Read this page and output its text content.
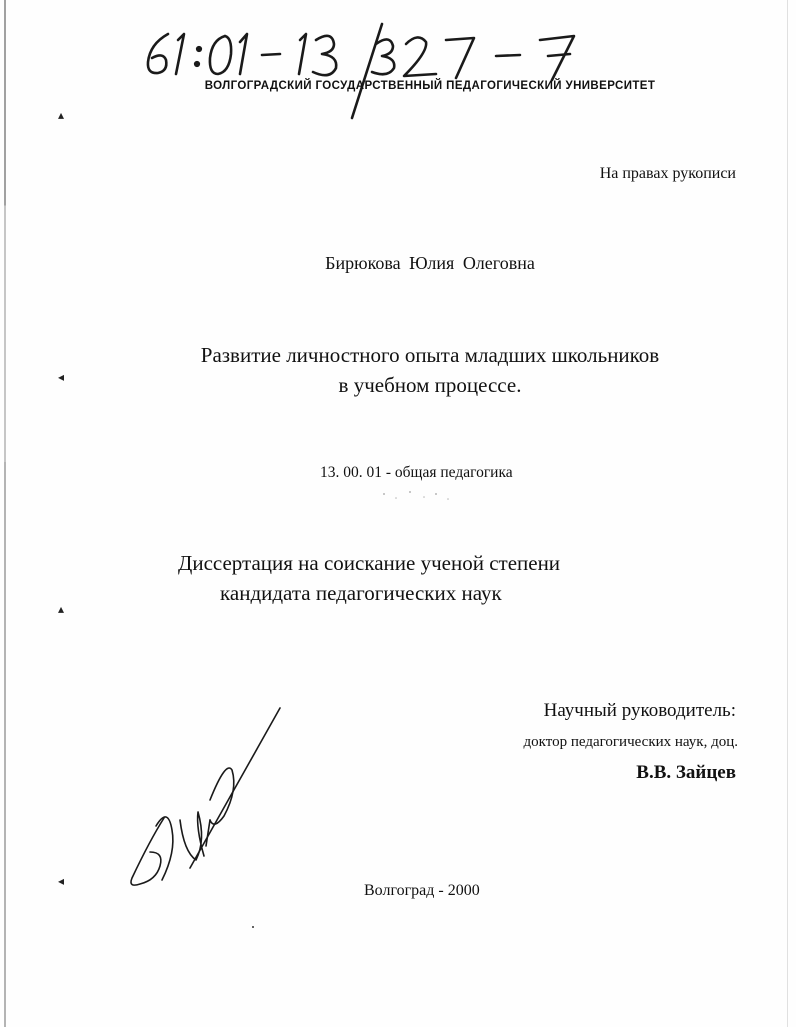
▴
◂
▴
◂
ВОЛГОГРАДСКИЙ ГОСУДАРСТВЕННЫЙ ПЕДАГОГИЧЕСКИЙ УНИВЕРСИТЕТ
На правах рукописи
Бирюкова Юлия Олеговна
Развитие личностного опыта младших школьников
в учебном процессе.
13. 00. 01 - общая педагогика
Диссертация на соискание ученой степени
кандидата педагогических наук
Научный руководитель:
доктор педагогических наук, доц.
В.В. Зайцев
Волгоград - 2000
